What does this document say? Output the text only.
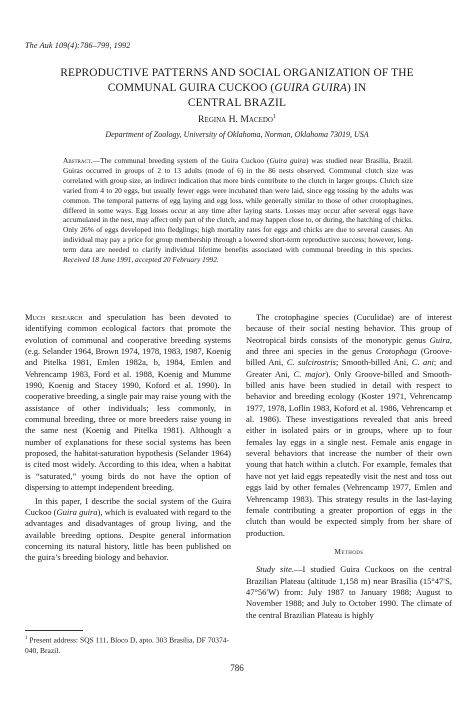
The Auk 109(4):786–799, 1992
REPRODUCTIVE PATTERNS AND SOCIAL ORGANIZATION OF THE
COMMUNAL GUIRA CUCKOO (GUIRA GUIRA) IN
CENTRAL BRAZIL
Regina H. Macedo$^1$
Department of Zoology, University of Oklahoma, Norman, Oklahoma 73019, USA
Abstract.—The communal breeding system of the Guira Cuckoo (Guira guira) was studied near Brasília, Brazil. Guiras occurred in groups of 2 to 13 adults (mode of 6) in the 86 nests observed. Communal clutch size was correlated with group size, an indirect indication that more birds contribute to the clutch in larger groups. Clutch size varied from 4 to 20 eggs, but usually fewer eggs were incubated than were laid, since egg tossing by the adults was common. The temporal patterns of egg laying and egg loss, while generally similar to those of other crotophagines, differed in some ways. Egg losses occur at any time after laying starts. Losses may occur after several eggs have accumulated in the nest, may affect only part of the clutch, and may happen close to, or during, the hatching of chicks. Only 26% of eggs developed into fledglings; high mortality rates for eggs and chicks are due to several causes. An individual may pay a price for group membership through a lowered short-term reproductive success; however, long-term data are needed to clarify individual lifetime benefits associated with communal breeding in this species. Received 18 June 1991, accepted 20 February 1992.

Much research and speculation has been devoted to identifying common ecological factors that promote the evolution of communal and cooperative breeding systems (e.g. Selander 1964, Brown 1974, 1978, 1983, 1987, Koenig and Pitelka 1981, Emlen 1982a, b, 1984, Emlen and Vehrencamp 1983, Ford et al. 1988, Koenig and Mumme 1990, Koenig and Stacey 1990, Koford et al. 1990). In cooperative breeding, a single pair may raise young with the assistance of other individuals; less commonly, in communal breeding, three or more breeders raise young in the same nest (Koenig and Pitelka 1981). Although a number of explanations for these social systems has been proposed, the habitat-saturation hypothesis (Selander 1964) is cited most widely. According to this idea, when a habitat is “saturated,” young birds do not have the option of dispersing to attempt independent breeding.

In this paper, I describe the social system of the Guira Cuckoo (Guira guira), which is evaluated with regard to the advantages and disadvantages of group living, and the available breeding options. Despite general information concerning its natural history, little has been published on the guira’s breeding biology and behavior.

The crotophagine species (Cuculidae) are of interest because of their social nesting behavior. This group of Neotropical birds consists of the monotypic genus Guira, and three ani species in the genus Crotophaga (Groove-billed Ani, C. sulcirostris; Smooth-billed Ani, C. ani; and Greater Ani, C. major). Only Groove-billed and Smooth-billed anis have been studied in detail with respect to behavior and breeding ecology (Koster 1971, Vehrencamp 1977, 1978, Loflin 1983, Koford et al. 1986, Vehrencamp et al. 1986). These investigations revealed that anis breed either in isolated pairs or in groups, where up to four females lay eggs in a single nest. Female anis engage in several behaviors that increase the number of their own young that hatch within a clutch. For example, females that have not yet laid eggs repeatedly visit the nest and toss out eggs laid by other females (Vehrencamp 1977, Emlen and Vehrencamp 1983). This strategy results in the last-laying female contributing a greater proportion of eggs in the clutch than would be expected simply from her share of production.

Methods

Study site.—I studied Guira Cuckoos on the central Brazilian Plateau (altitude 1,158 m) near Brasília (15°47′S, 47°56′W) from: July 1987 to January 1988; August to November 1988; and July to October 1990. The climate of the central Brazilian Plateau is highly

$^1$ Present address: SQS 111, Bloco D, apto. 303 Brasília, DF 70374-040, Brazil.
786
